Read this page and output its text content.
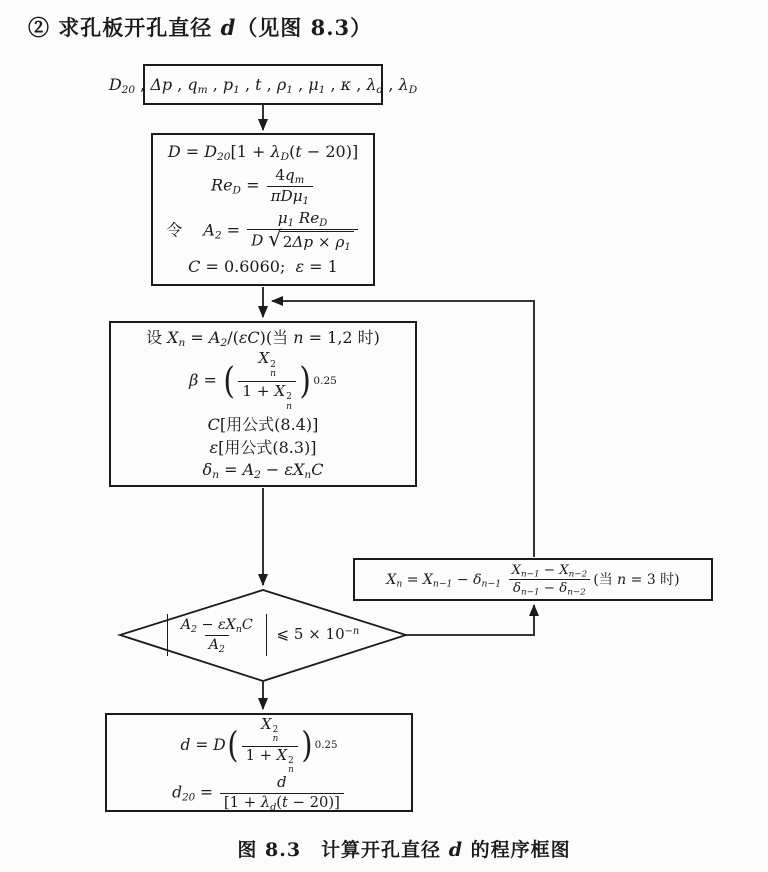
② 求孔板开孔直径 d（见图 8.3）
$D_{20}$ , Δp , $q_m$ , $p_1$ , t , $\rho_1$ , $\mu_1$ , κ , $\lambda_d$ , $\lambda_D$
$D = D_{20}[1 + \lambda_D(t - 20)]$
$Re_D = \frac{4q_m}{\pi D\mu_1}$
令　 $A_2 = \frac{\mu_1 Re_D}{D √ 2\Delta p \times \rho_1}$
C = 0.6060;  ε = 1
设 $X_n = A_2/(\varepsilon C)$(当 n = 1,2 时)
β = ( X 2
n
1 + X 2
n ) 0.25
C[用公式(8.4)]
ε[用公式(8.3)]
$\delta_n = A_2 - \varepsilon X_nC$
$\frac{A_2 - \varepsilon X_nC}{A_2}$ ⩽ $5 \times 10^{-n}$
$X_n = X_{n-1} - \delta_{n-1} \frac{X_{n-1} - X_{n-2}}{\delta_{n-1} - \delta_{n-2}}$ (当 n = 3 时)
d = D ( X 2
n
1 + X 2
n ) 0.25
$d_{20} = \frac{d}{[1 + \lambda_d(t - 20)]}$
图 8.3　计算开孔直径 d 的程序框图
